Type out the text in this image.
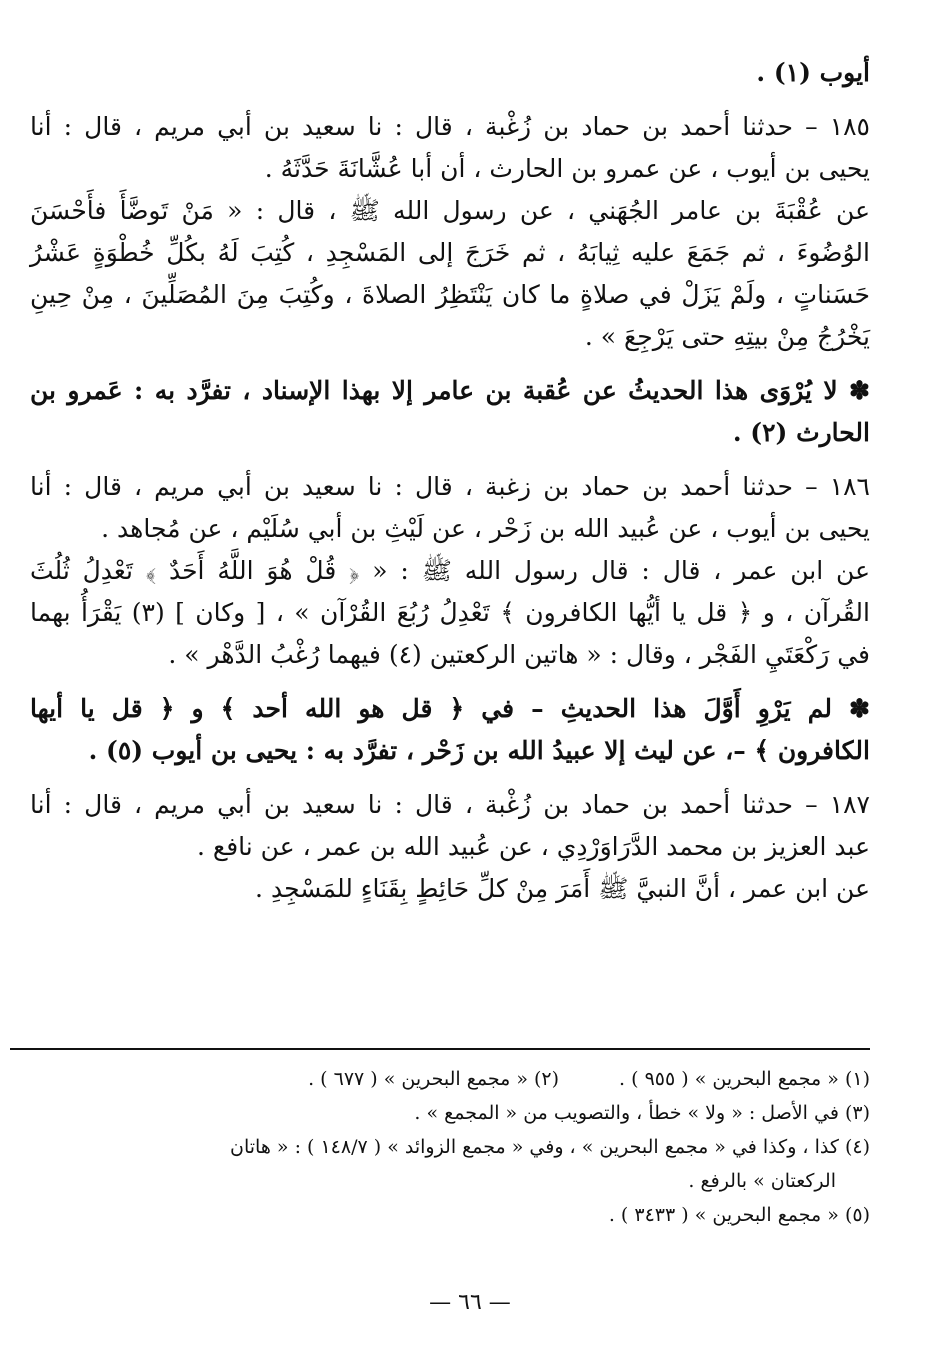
أيوب (١) .
١٨٥ – حدثنا أحمد بن حماد بن زُغْبة ، قال : نا سعيد بن أبي مريم ، قال : أنا
يحيى بن أيوب ، عن عمرو بن الحارث ، أن أبا عُشَّانَةَ حَدَّثَهُ .
عن عُقْبَةَ بن عامر الجُهَني ، عن رسول الله ﷺ ، قال : « مَنْ تَوضَّأَ فأَحْسَنَ
الوُضُوءَ ، ثم جَمَعَ عليه ثِيابَهُ ، ثم خَرَجَ إلى المَسْجِدِ ، كُتِبَ لَهُ بكُلِّ خُطْوَةٍ عَشْرُ
حَسَناتٍ ، ولَمْ يَزَلْ في صلاةٍ ما كان يَنْتَظِرُ الصلاةَ ، وكُتِبَ مِنَ المُصَلِّينَ ، مِنْ حِينِ
يَخْرُجُ مِنْ بيتِهِ حتى يَرْجِعَ » .
✽ لا يُرْوَى هذا الحديثُ عن عُقبة بن عامر إلا بهذا الإسناد ، تفرَّد به : عَمرو بن
الحارث (٢) .
١٨٦ – حدثنا أحمد بن حماد بن زغبة ، قال : نا سعيد بن أبي مريم ، قال : أنا
يحيى بن أيوب ، عن عُبيد الله بن زَحْر ، عن لَيْثِ بن أبي سُلَيْم ، عن مُجاهد .
عن ابن عمر ، قال : قال رسول الله ﷺ : « ﴿ قُلْ هُوَ اللَّهُ أَحَدٌ ﴾ تَعْدِلُ ثُلُثَ
القُرآن ، و ﴿ قل يا أيُّها الكافرون ﴾ تَعْدِلُ رُبُعَ القُرْآن » ، [ وكان ] (٣) يَقْرَأُ بهما
في رَكْعَتَيِ الفَجْر ، وقال : « هاتين الركعتين (٤) فيهما رُغْبُ الدَّهْر » .
✽ لم يَرْوِ أَوَّلَ هذا الحديثِ – في ﴿ قل هو الله أحد ﴾ و ﴿ قل يا أيها
الكافرون ﴾ –، عن ليث إلا عبيدُ الله بن زَحْر ، تفرَّد به : يحيى بن أيوب (٥) .
١٨٧ – حدثنا أحمد بن حماد بن زُغْبة ، قال : نا سعيد بن أبي مريم ، قال : أنا
عبد العزيز بن محمد الدَّرَاوَرْدِي ، عن عُبيد الله بن عمر ، عن نافع .
عن ابن عمر ، أنَّ النبيَّ ﷺ أَمَرَ مِنْ كلِّ حَائِطٍ بِقَنَاءٍ للمَسْجِدِ .
(١) « مجمع البحرين » ( ٩٥٥ ) .
(٢) « مجمع البحرين » ( ٦٧٧ ) .
(٣) في الأصل : « ولا » خطأ ، والتصويب من « المجمع » .
(٤) كذا ، وكذا في « مجمع البحرين » ، وفي « مجمع الزوائد » ( ١٤٨/٧ ) : « هاتان
الركعتان » بالرفع .
(٥) « مجمع البحرين » ( ٣٤٣٣ ) .
— ٦٦ —
